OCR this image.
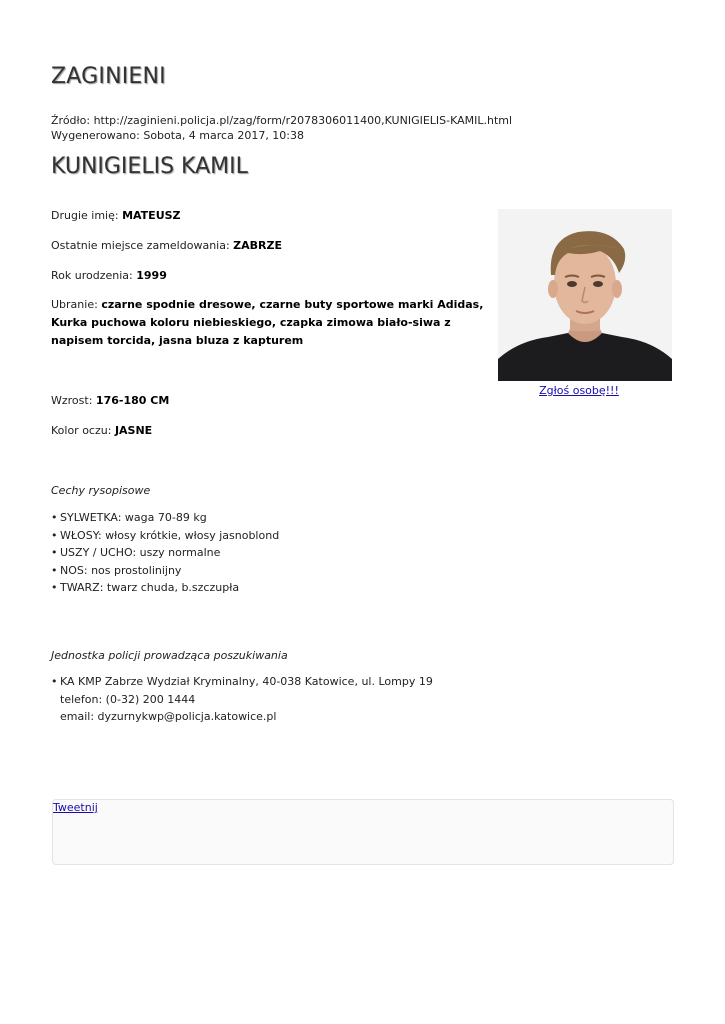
ZAGINIENI
Źródło: http://zaginieni.policja.pl/zag/form/r2078306011400,KUNIGIELIS-KAMIL.html
Wygenerowano: Sobota, 4 marca 2017, 10:38
KUNIGIELIS KAMIL
Drugie imię: MATEUSZ
Ostatnie miejsce zameldowania: ZABRZE
Rok urodzenia: 1999
Ubranie: czarne spodnie dresowe, czarne buty sportowe marki Adidas, Kurka puchowa koloru niebieskiego, czapka zimowa biało-siwa z napisem torcida, jasna bluza z kapturem
Wzrost: 176-180 CM
Kolor oczu: JASNE
Zgłoś osobę!!!
Cechy rysopisowe
• SYLWETKA: waga 70-89 kg
• WŁOSY: włosy krótkie, włosy jasnoblond
• USZY / UCHO: uszy normalne
• NOS: nos prostolinijny
• TWARZ: twarz chuda, b.szczupła
Jednostka policji prowadząca poszukiwania
• KA KMP Zabrze Wydział Kryminalny, 40-038 Katowice, ul. Lompy 19
telefon: (0-32) 200 1444
email: dyzurnykwp@policja.katowice.pl
Tweetnij
